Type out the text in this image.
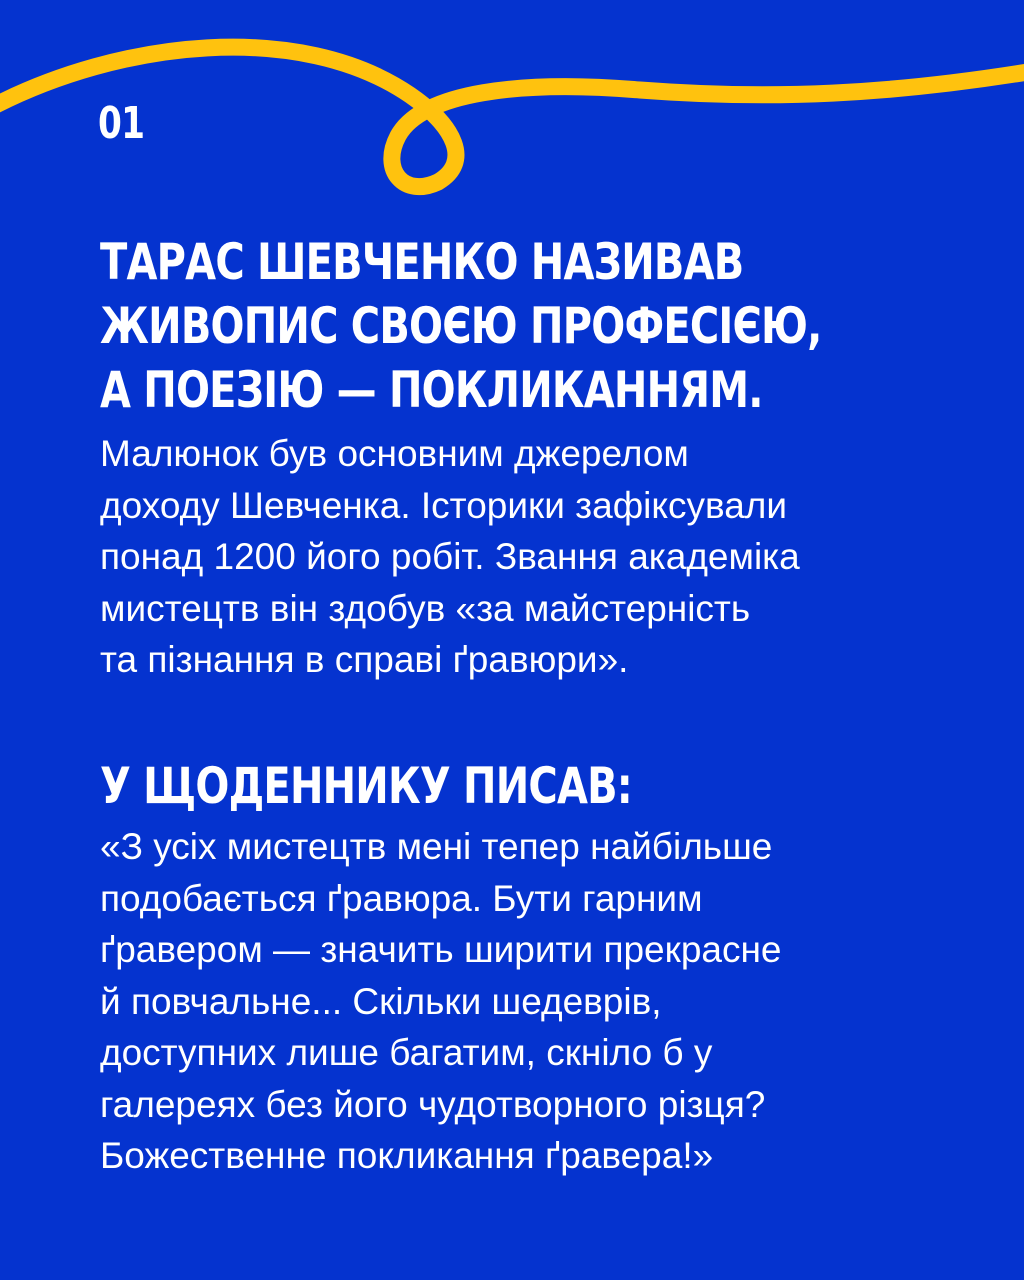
01
ТАРАС ШЕВЧЕНКО НАЗИВАВ
ЖИВОПИС СВОЄЮ ПРОФЕСІЄЮ,
А ПОЕЗІЮ — ПОКЛИКАННЯМ.

Малюнок був основним джерелом
доходу Шевченка. Історики зафіксували
понад 1200 його робіт. Звання академіка
мистецтв він здобув «за майстерність
та пізнання в справі ґравюри».

У ЩОДЕННИКУ ПИСАВ:

«З усіх мистецтв мені тепер найбільше
подобається ґравюра. Бути гарним
ґравером — значить ширити прекрасне
й повчальне... Скільки шедеврів,
доступних лише багатим, скніло б у
галереях без його чудотворного різця?
Божественне покликання ґравера!»
